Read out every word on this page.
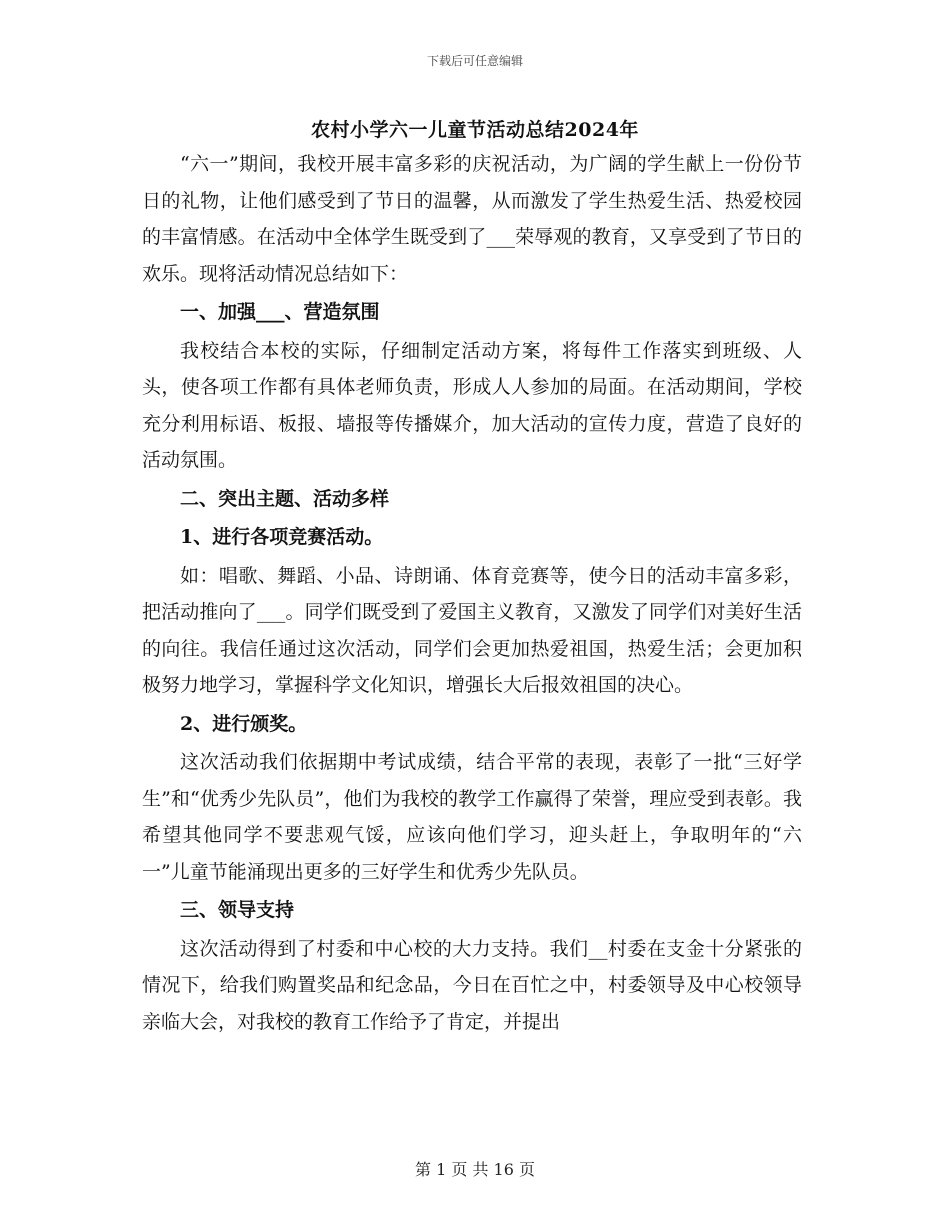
下载后可任意编辑
农村小学六一儿童节活动总结2024年

“六一”期间，我校开展丰富多彩的庆祝活动，为广阔的学生献上一份份节日的礼物，让他们感受到了节日的温馨，从而激发了学生热爱生活、热爱校园的丰富情感。在活动中全体学生既受到了___荣辱观的教育，又享受到了节日的欢乐。现将活动情况总结如下：

一、加强___、营造氛围

我校结合本校的实际，仔细制定活动方案，将每件工作落实到班级、人头，使各项工作都有具体老师负责，形成人人参加的局面。在活动期间，学校充分利用标语、板报、墙报等传播媒介，加大活动的宣传力度，营造了良好的活动氛围。

二、突出主题、活动多样

1、进行各项竞赛活动。

如：唱歌、舞蹈、小品、诗朗诵、体育竞赛等，使今日的活动丰富多彩，把活动推向了___。同学们既受到了爱国主义教育，又激发了同学们对美好生活的向往。我信任通过这次活动，同学们会更加热爱祖国，热爱生活；会更加积极努力地学习，掌握科学文化知识，增强长大后报效祖国的决心。

2、进行颁奖。

这次活动我们依据期中考试成绩，结合平常的表现，表彰了一批“三好学生”和“优秀少先队员”，他们为我校的教学工作赢得了荣誉，理应受到表彰。我希望其他同学不要悲观气馁，应该向他们学习，迎头赶上，争取明年的“六一”儿童节能涌现出更多的三好学生和优秀少先队员。

三、领导支持

这次活动得到了村委和中心校的大力支持。我们__村委在支金十分紧张的情况下，给我们购置奖品和纪念品，今日在百忙之中，村委领导及中心校领导亲临大会，对我校的教育工作给予了肯定，并提出

第 1 页 共 16 页
